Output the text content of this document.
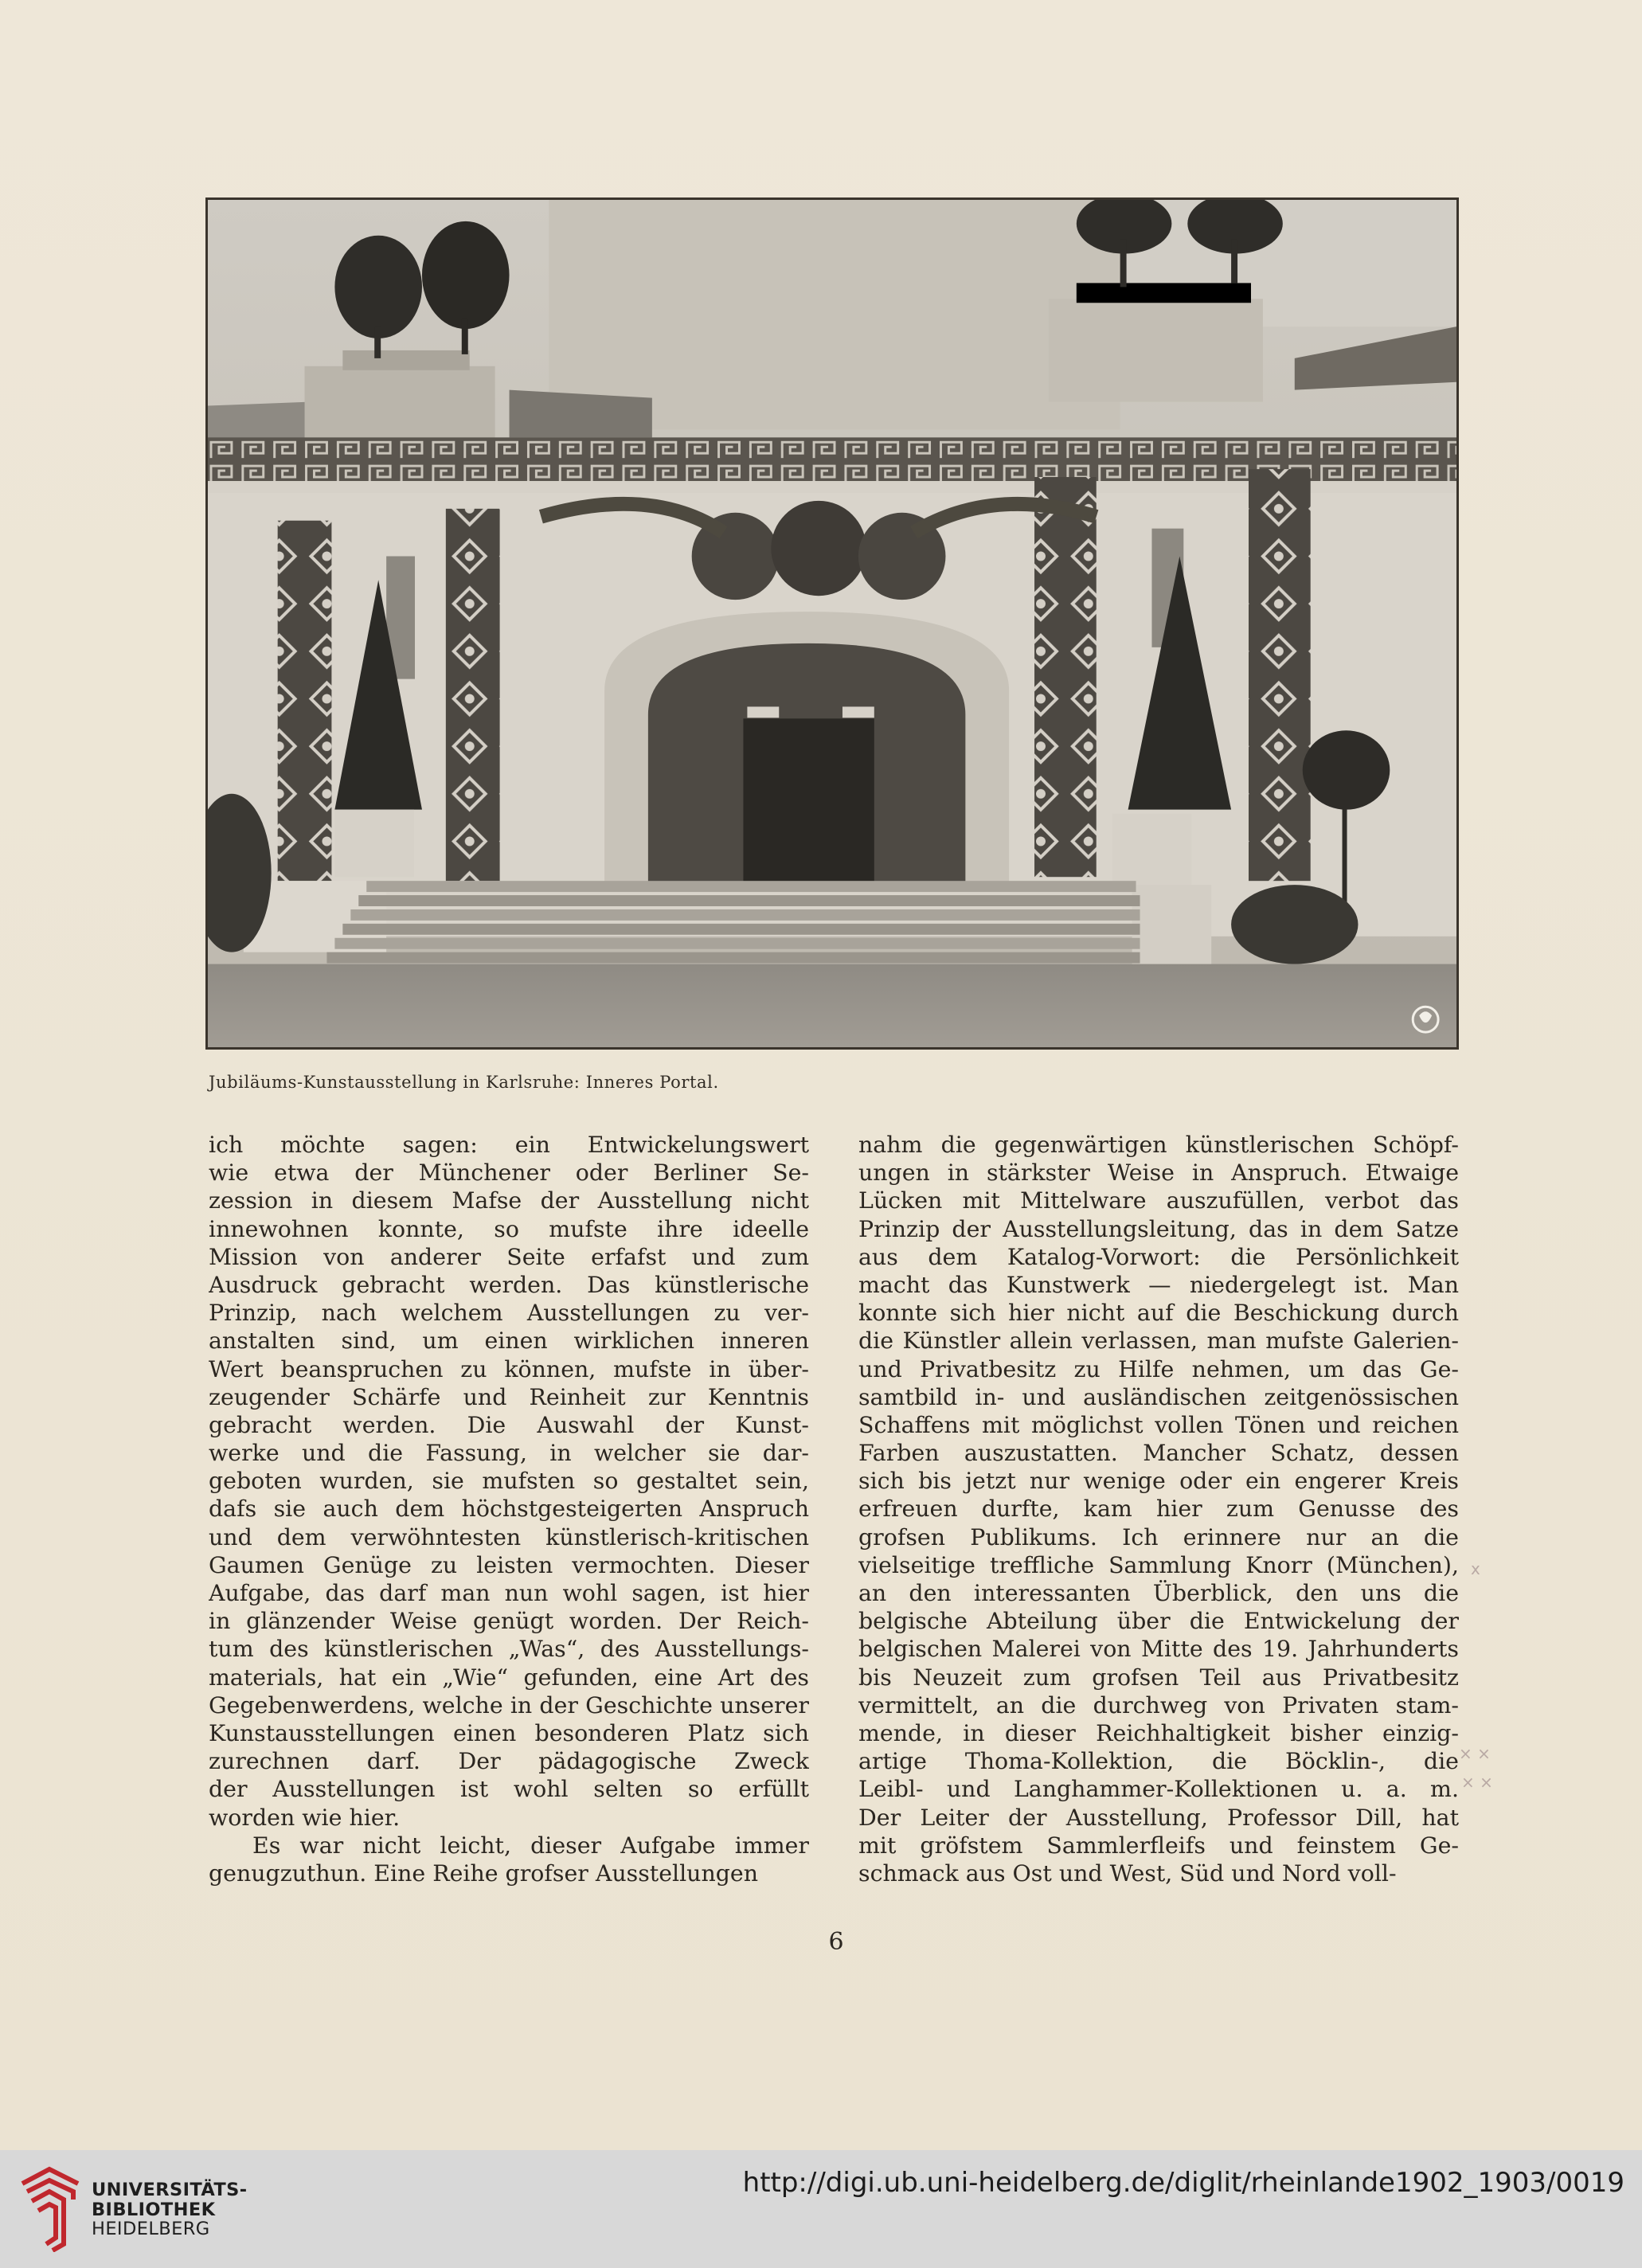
Jubiläums-Kunstausstellung in Karlsruhe: Inneres Portal.
ich möchte sagen: ein Entwickelungswert
wie etwa der Münchener oder Berliner Se-
zession in diesem Mafse der Ausstellung nicht
innewohnen konnte, so mufste ihre ideelle
Mission von anderer Seite erfafst und zum
Ausdruck gebracht werden. Das künstlerische
Prinzip, nach welchem Ausstellungen zu ver-
anstalten sind, um einen wirklichen inneren
Wert beanspruchen zu können, mufste in über-
zeugender Schärfe und Reinheit zur Kenntnis
gebracht werden. Die Auswahl der Kunst-
werke und die Fassung, in welcher sie dar-
geboten wurden, sie mufsten so gestaltet sein,
dafs sie auch dem höchstgesteigerten Anspruch
und dem verwöhntesten künstlerisch-kritischen
Gaumen Genüge zu leisten vermochten. Dieser
Aufgabe, das darf man nun wohl sagen, ist hier
in glänzender Weise genügt worden. Der Reich-
tum des künstlerischen „Was“, des Ausstellungs-
materials, hat ein „Wie“ gefunden, eine Art des
Gegebenwerdens, welche in der Geschichte unserer
Kunstausstellungen einen besonderen Platz sich
zurechnen darf. Der pädagogische Zweck
der Ausstellungen ist wohl selten so erfüllt
worden wie hier.
Es war nicht leicht, dieser Aufgabe immer
genugzuthun. Eine Reihe grofser Ausstellungen
nahm die gegenwärtigen künstlerischen Schöpf-
ungen in stärkster Weise in Anspruch. Etwaige
Lücken mit Mittelware auszufüllen, verbot das
Prinzip der Ausstellungsleitung, das in dem Satze
aus dem Katalog-Vorwort: die Persönlichkeit
macht das Kunstwerk — niedergelegt ist. Man
konnte sich hier nicht auf die Beschickung durch
die Künstler allein verlassen, man mufste Galerien-
und Privatbesitz zu Hilfe nehmen, um das Ge-
samtbild in- und ausländischen zeitgenössischen
Schaffens mit möglichst vollen Tönen und reichen
Farben auszustatten. Mancher Schatz, dessen
sich bis jetzt nur wenige oder ein engerer Kreis
erfreuen durfte, kam hier zum Genusse des
grofsen Publikums. Ich erinnere nur an die
vielseitige treffliche Sammlung Knorr (München),
an den interessanten Überblick, den uns die
belgische Abteilung über die Entwickelung der
belgischen Malerei von Mitte des 19. Jahrhunderts
bis Neuzeit zum grofsen Teil aus Privatbesitz
vermittelt, an die durchweg von Privaten stam-
mende, in dieser Reichhaltigkeit bisher einzig-
artige Thoma-Kollektion, die Böcklin-, die
Leibl- und Langhammer-Kollektionen u. a. m.
Der Leiter der Ausstellung, Professor Dill, hat
mit gröfstem Sammlerfleifs und feinstem Ge-
schmack aus Ost und West, Süd und Nord voll-
x
× ×
× ×
6
UNIVERSITÄTS-
BIBLIOTHEK
HEIDELBERG
http://digi.ub.uni-heidelberg.de/diglit/rheinlande1902_1903/0019
